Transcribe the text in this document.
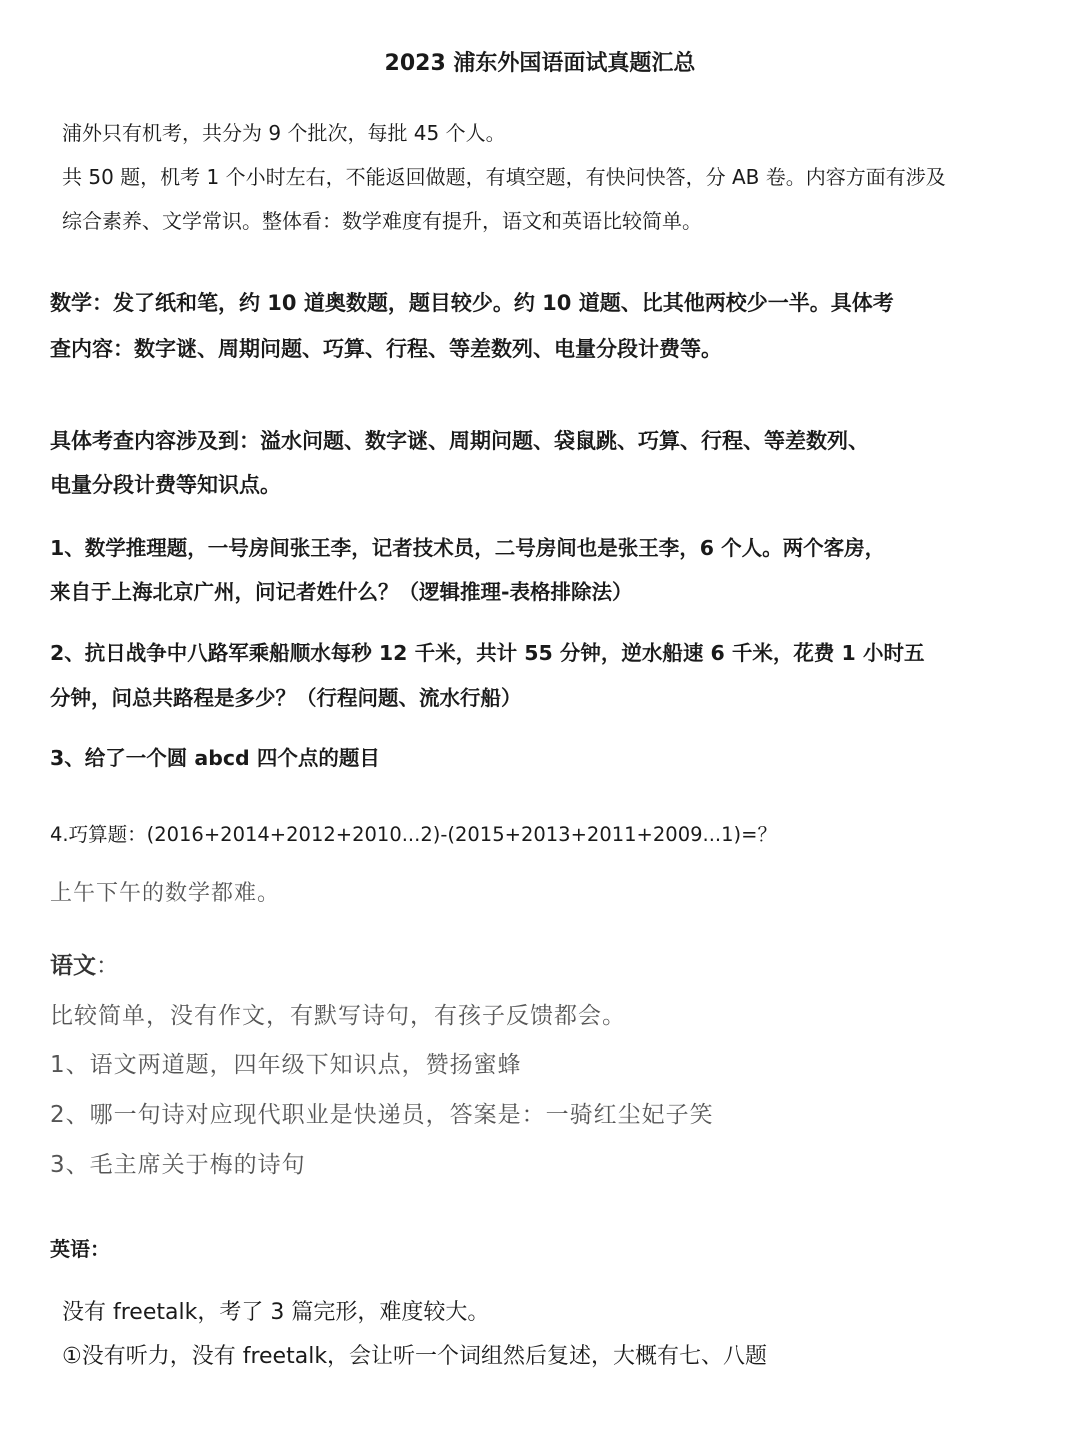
2023 浦东外国语面试真题汇总

浦外只有机考，共分为 9 个批次，每批 45 个人。

共 50 题，机考 1 个小时左右，不能返回做题，有填空题，有快问快答，分 AB 卷。内容方面有涉及

综合素养、文学常识。整体看：数学难度有提升，语文和英语比较简单。

数学：发了纸和笔，约 10 道奥数题，题目较少。约 10 道题、比其他两校少一半。具体考

查内容：数字谜、周期问题、巧算、行程、等差数列、电量分段计费等。

具体考查内容涉及到：溢水问题、数字谜、周期问题、袋鼠跳、巧算、行程、等差数列、

电量分段计费等知识点。

1、数学推理题，一号房间张王李，记者技术员，二号房间也是张王李，6 个人。两个客房，

来自于上海北京广州，问记者姓什么？（逻辑推理-表格排除法）

2、抗日战争中八路军乘船顺水每秒 12 千米，共计 55 分钟，逆水船速 6 千米，花费 1 小时五

分钟，问总共路程是多少？（行程问题、流水行船）

3、给了一个圆 abcd 四个点的题目

4.巧算题：(2016+2014+2012+2010...2)-(2015+2013+2011+2009...1)=？

上午下午的数学都难。

语文：

比较简单，没有作文，有默写诗句，有孩子反馈都会。

1、语文两道题，四年级下知识点，赞扬蜜蜂

2、哪一句诗对应现代职业是快递员，答案是：一骑红尘妃子笑

3、毛主席关于梅的诗句

英语：

没有 freetalk，考了 3 篇完形，难度较大。

①没有听力，没有 freetalk，会让听一个词组然后复述，大概有七、八题
